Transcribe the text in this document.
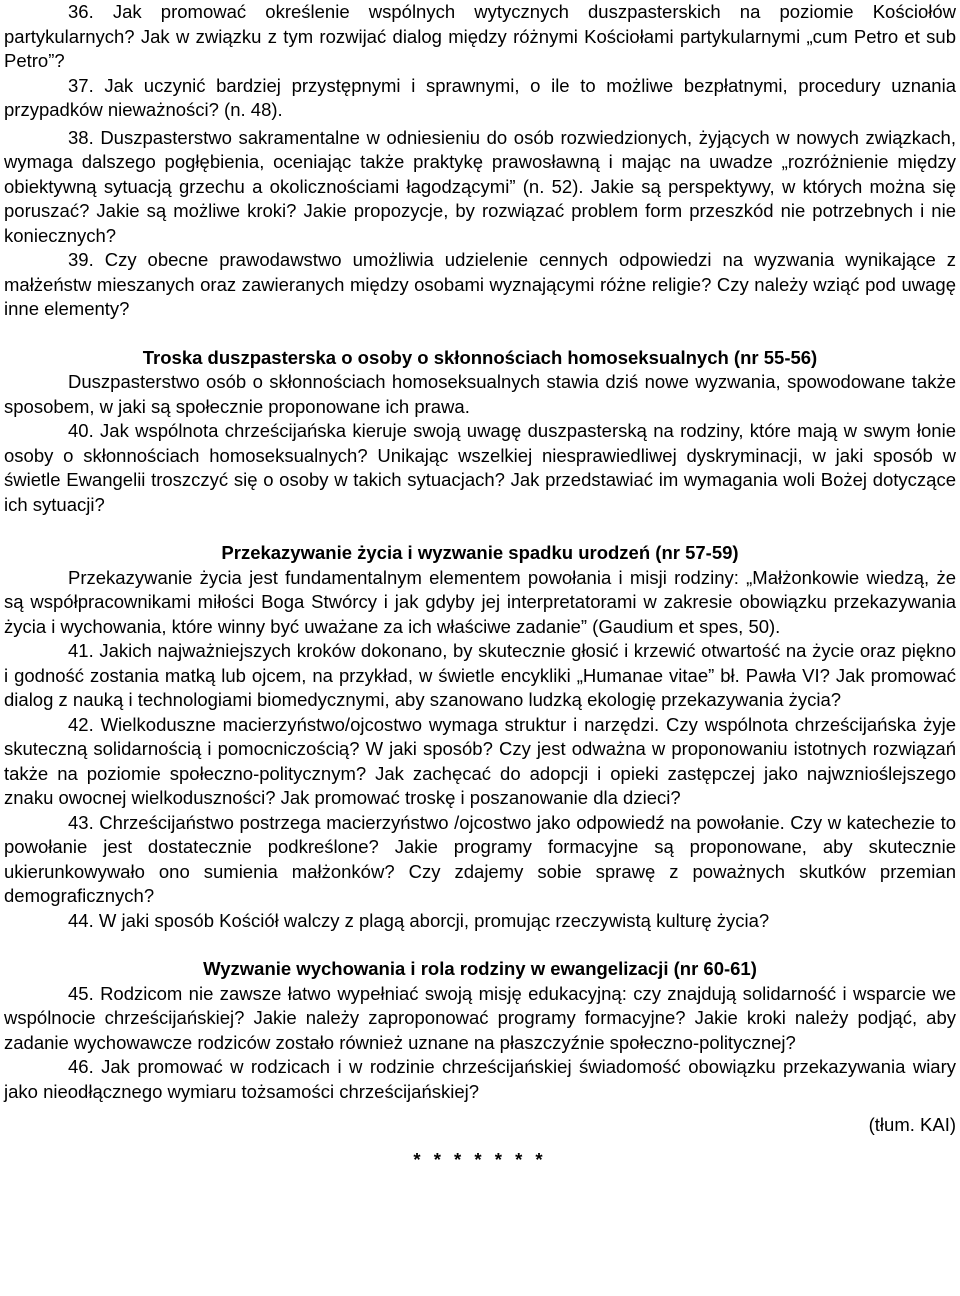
36. Jak promować określenie wspólnych wytycznych duszpasterskich na poziomie Kościołów partykularnych? Jak w związku z tym rozwijać dialog między różnymi Kościołami partykularnymi „cum Petro et sub Petro”?

37. Jak uczynić bardziej przystępnymi i sprawnymi, o ile to możliwe bezpłatnymi, procedury uznania przypadków nieważności? (n. 48).

38. Duszpasterstwo sakramentalne w odniesieniu do osób rozwiedzionych, żyjących w nowych związkach, wymaga dalszego pogłębienia, oceniając także praktykę prawosławną i mając na uwadze „rozróżnienie między obiektywną sytuacją grzechu a okolicznościami łagodzącymi” (n. 52). Jakie są perspektywy, w których można się poruszać? Jakie są możliwe kroki? Jakie propozycje, by rozwiązać problem form przeszkód nie potrzebnych i nie koniecznych?

39. Czy obecne prawodawstwo umożliwia udzielenie cennych odpowiedzi na wyzwania wynikające z małżeństw mieszanych oraz zawieranych między osobami wyznającymi różne religie? Czy należy wziąć pod uwagę inne elementy?

Troska duszpasterska o osoby o skłonnościach homoseksualnych (nr 55-56)

Duszpasterstwo osób o skłonnościach homoseksualnych stawia dziś nowe wyzwania, spowodowane także sposobem, w jaki są społecznie proponowane ich prawa.

40. Jak wspólnota chrześcijańska kieruje swoją uwagę duszpasterską na rodziny, które mają w swym łonie osoby o skłonnościach homoseksualnych? Unikając wszelkiej niesprawiedliwej dyskryminacji, w jaki sposób w świetle Ewangelii troszczyć się o osoby w takich sytuacjach? Jak przedstawiać im wymagania woli Bożej dotyczące ich sytuacji?

Przekazywanie życia i wyzwanie spadku urodzeń (nr 57-59)

Przekazywanie życia jest fundamentalnym elementem powołania i misji rodziny: „Małżonkowie wiedzą, że są współpracownikami miłości Boga Stwórcy i jak gdyby jej interpretatorami w zakresie obowiązku przekazywania życia i wychowania, które winny być uważane za ich właściwe zadanie” (Gaudium et spes, 50).

41. Jakich najważniejszych kroków dokonano, by skutecznie głosić i krzewić otwartość na życie oraz piękno i godność zostania matką lub ojcem, na przykład, w świetle encykliki „Humanae vitae” bł. Pawła VI? Jak promować dialog z nauką i technologiami biomedycznymi, aby szanowano ludzką ekologię przekazywania życia?

42. Wielkoduszne macierzyństwo/ojcostwo wymaga struktur i narzędzi. Czy wspólnota chrześcijańska żyje skuteczną solidarnością i pomocniczością? W jaki sposób? Czy jest odważna w proponowaniu istotnych rozwiązań także na poziomie społeczno-politycznym? Jak zachęcać do adopcji i opieki zastępczej jako najwznioślejszego znaku owocnej wielkoduszności? Jak promować troskę i poszanowanie dla dzieci?

43. Chrześcijaństwo postrzega macierzyństwo /ojcostwo jako odpowiedź na powołanie. Czy w katechezie to powołanie jest dostatecznie podkreślone? Jakie programy formacyjne są proponowane, aby skutecznie ukierunkowywało ono sumienia małżonków? Czy zdajemy sobie sprawę z poważnych skutków przemian demograficznych?

44. W jaki sposób Kościół walczy z plagą aborcji, promując rzeczywistą kulturę życia?

Wyzwanie wychowania i rola rodziny w ewangelizacji (nr 60-61)

45. Rodzicom nie zawsze łatwo wypełniać swoją misję edukacyjną: czy znajdują solidarność i wsparcie we wspólnocie chrześcijańskiej? Jakie należy zaproponować programy formacyjne? Jakie kroki należy podjąć, aby zadanie wychowawcze rodziców zostało również uznane na płaszczyźnie społeczno-politycznej?

46. Jak promować w rodzicach i w rodzinie chrześcijańskiej świadomość obowiązku przekazywania wiary jako nieodłącznego wymiaru tożsamości chrześcijańskiej?

(tłum. KAI)

* * * * * * *
